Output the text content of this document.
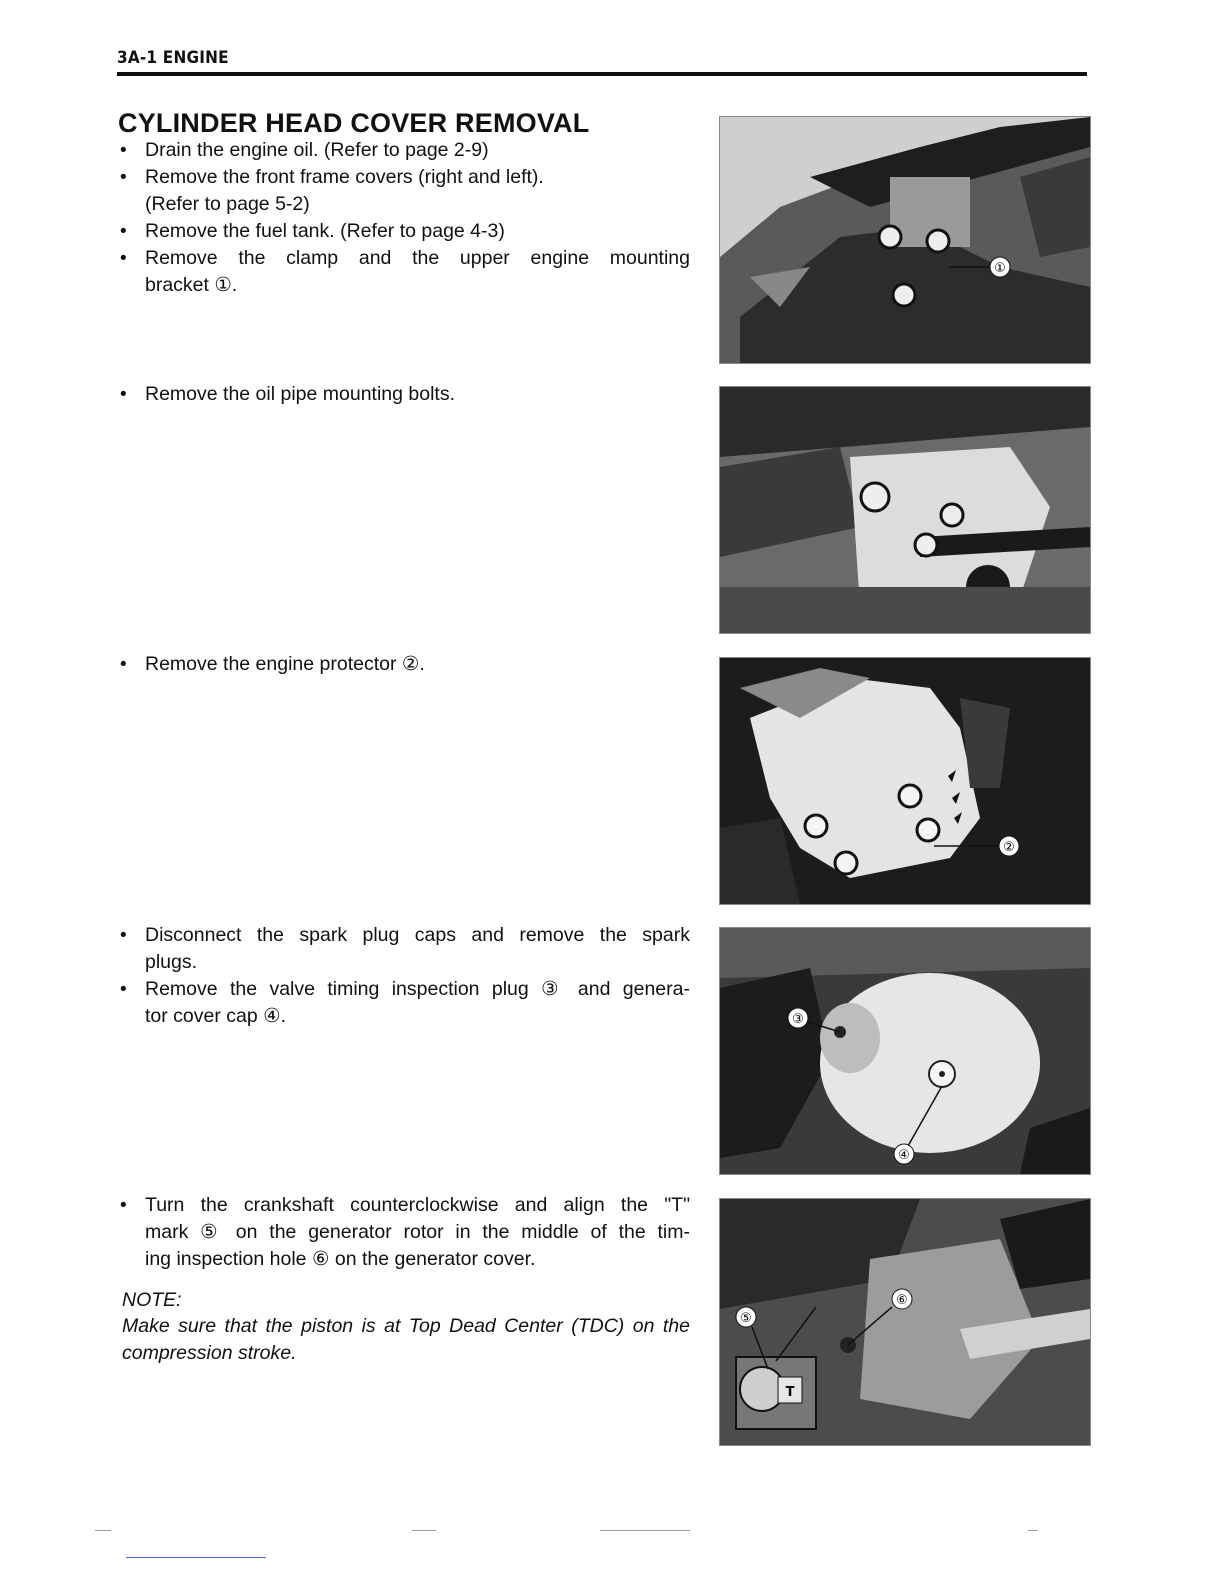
3A-1 ENGINE
CYLINDER HEAD COVER REMOVAL
• Drain the engine oil. (Refer to page 2-9)
• Remove the front frame covers (right and left).
(Refer to page 5-2)
• Remove the fuel tank. (Refer to page 4-3)
• Remove the clamp and the upper engine mounting
bracket ①.
• Remove the oil pipe mounting bolts.
• Remove the engine protector ②.
• Disconnect the spark plug caps and remove the spark
plugs.
• Remove the valve timing inspection plug ③ and genera-
tor cover cap ④.
• Turn the crankshaft counterclockwise and align the "T"
mark ⑤ on the generator rotor in the middle of the tim-
ing inspection hole ⑥ on the generator cover.
NOTE:
Make sure that the piston is at Top Dead Center (TDC) on the compression stroke.
①
②
③
④
⑥
⑤
T
